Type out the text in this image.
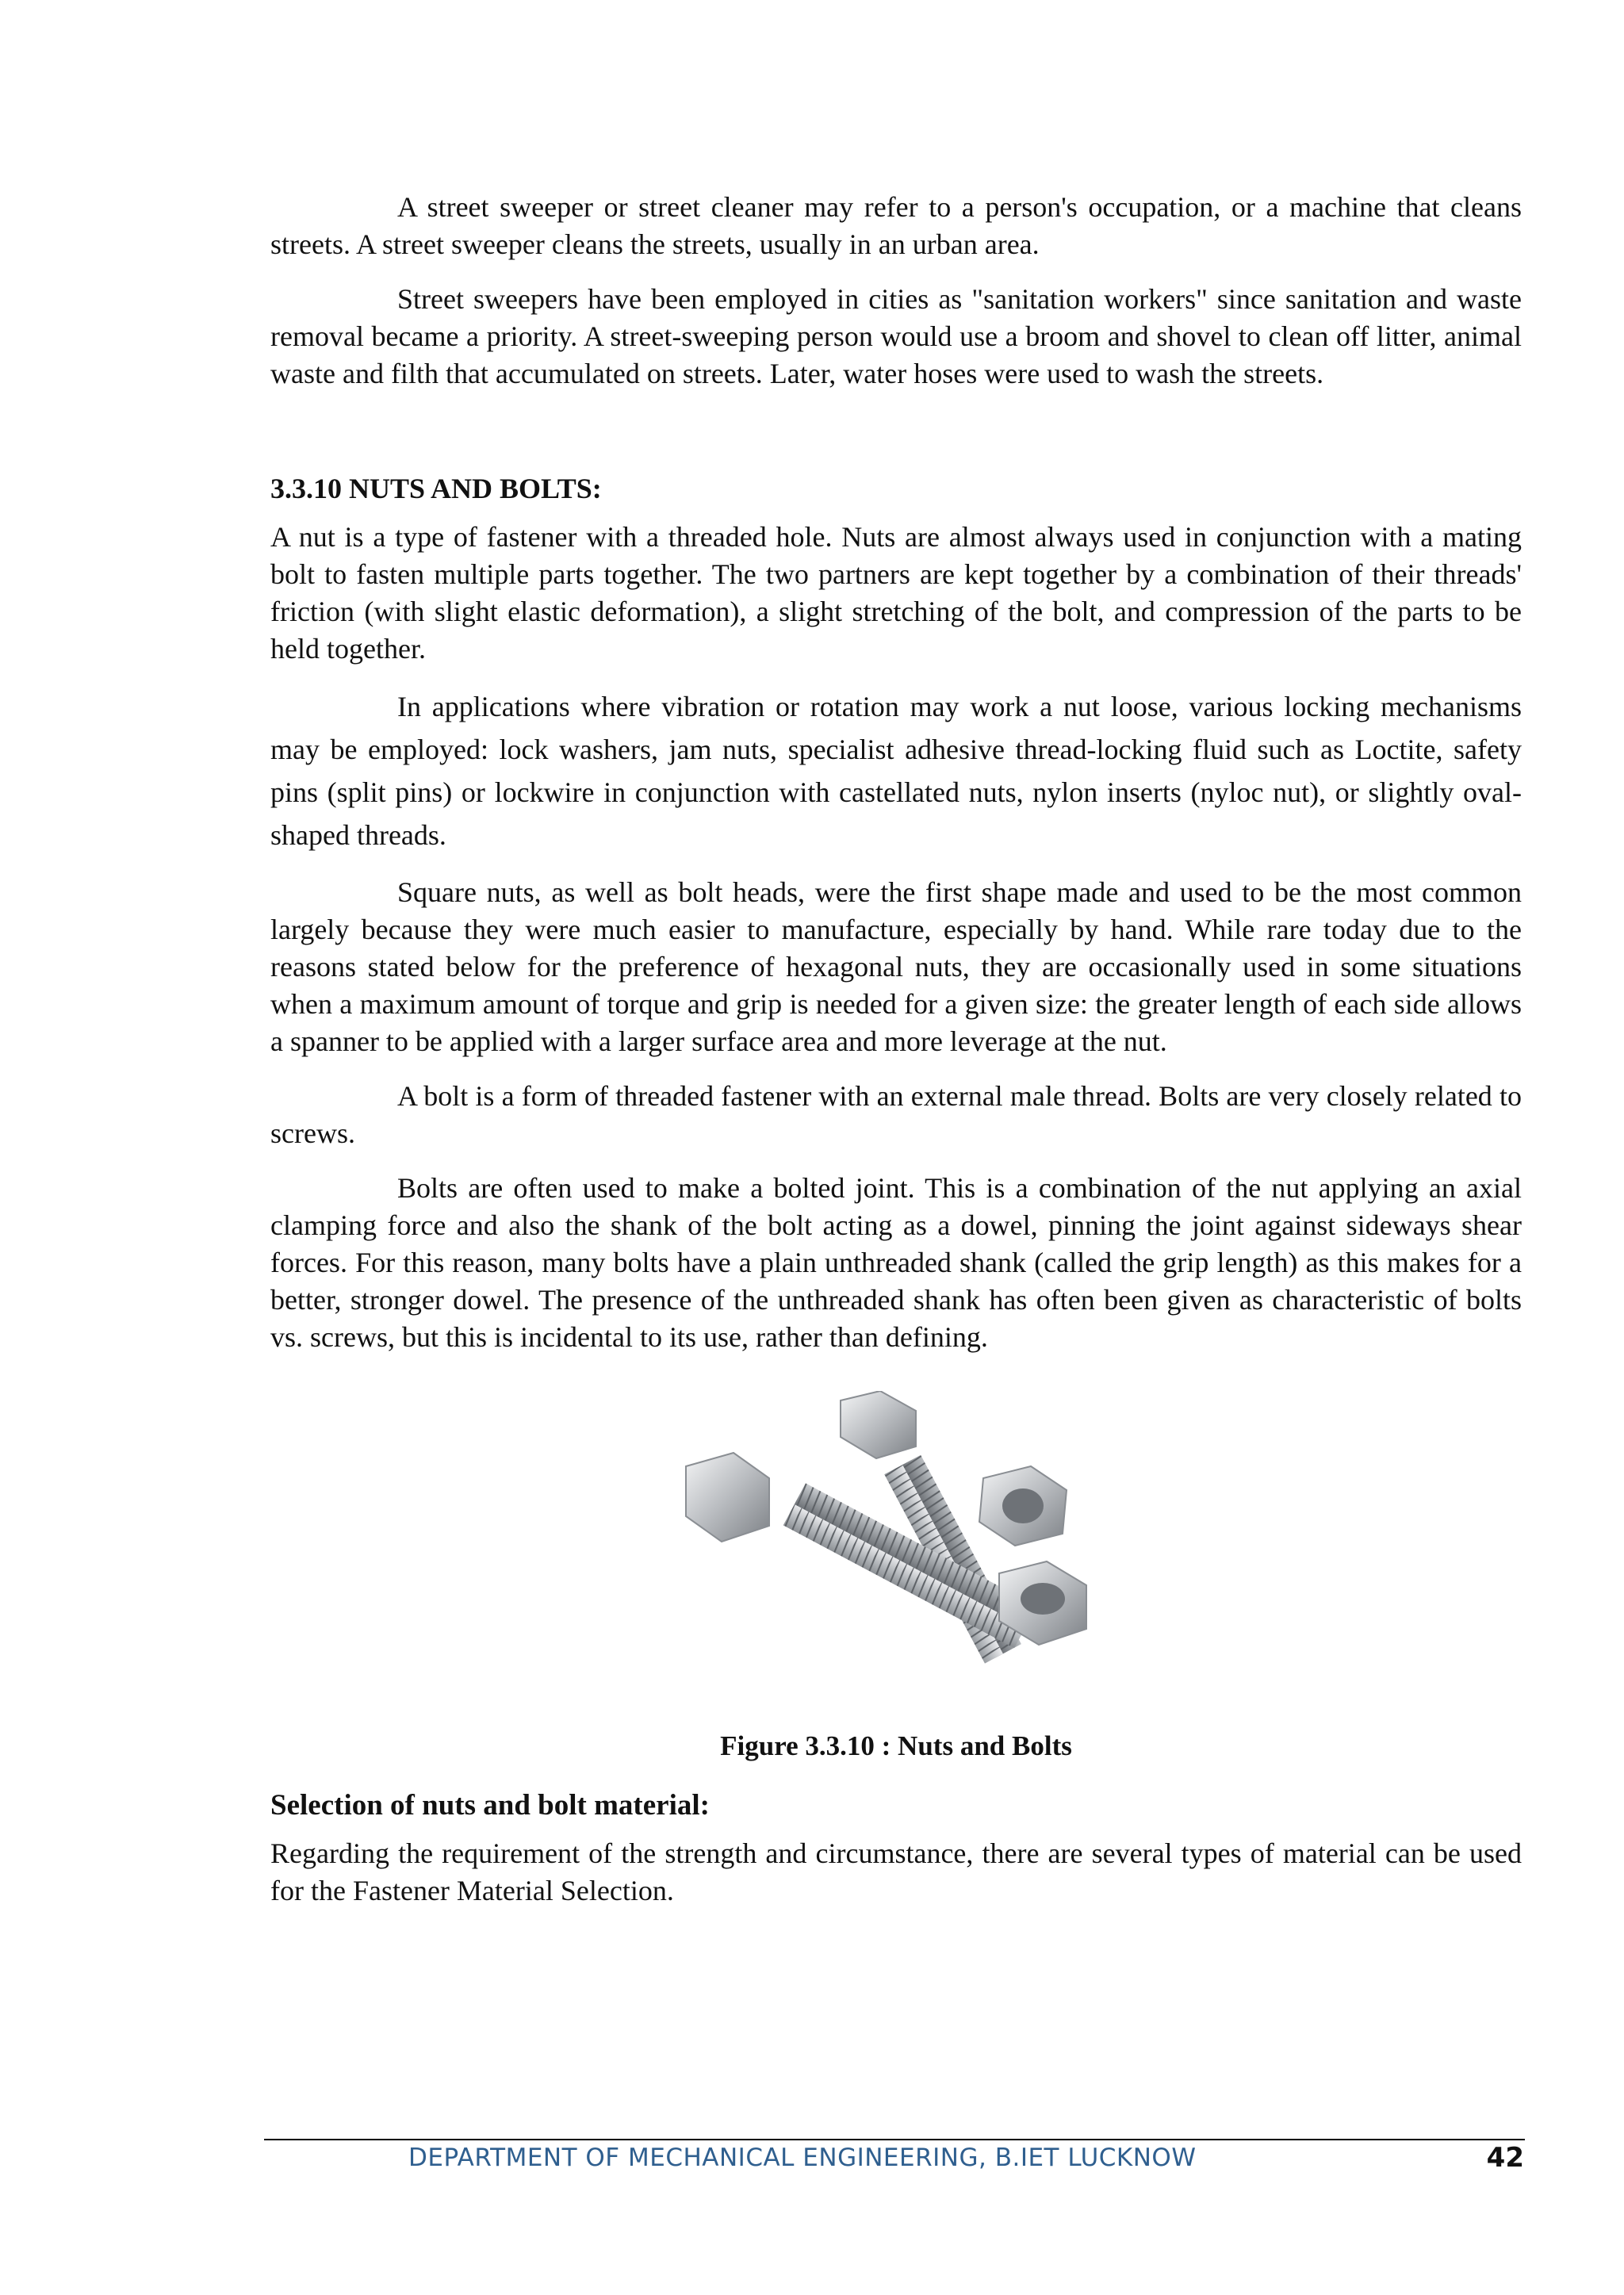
A street sweeper or street cleaner may refer to a person's occupation, or a machine that cleans streets. A street sweeper cleans the streets, usually in an urban area.

Street sweepers have been employed in cities as "sanitation workers" since sanitation and waste removal became a priority. A street-sweeping person would use a broom and shovel to clean off litter, animal waste and filth that accumulated on streets. Later, water hoses were used to wash the streets.

3.3.10 NUTS AND BOLTS:

A nut is a type of fastener with a threaded hole. Nuts are almost always used in conjunction with a mating bolt to fasten multiple parts together. The two partners are kept together by a combination of their threads' friction (with slight elastic deformation), a slight stretching of the bolt, and compression of the parts to be held together.

In applications where vibration or rotation may work a nut loose, various locking mechanisms may be employed: lock washers, jam nuts, specialist adhesive thread-locking fluid such as Loctite, safety pins (split pins) or lockwire in conjunction with castellated nuts, nylon inserts (nyloc nut), or slightly oval-shaped threads.

Square nuts, as well as bolt heads, were the first shape made and used to be the most common largely because they were much easier to manufacture, especially by hand. While rare today due to the reasons stated below for the preference of hexagonal nuts, they are occasionally used in some situations when a maximum amount of torque and grip is needed for a given size: the greater length of each side allows a spanner to be applied with a larger surface area and more leverage at the nut.

A bolt is a form of threaded fastener with an external male thread. Bolts are very closely related to screws.

Bolts are often used to make a bolted joint. This is a combination of the nut applying an axial clamping force and also the shank of the bolt acting as a dowel, pinning the joint against sideways shear forces. For this reason, many bolts have a plain unthreaded shank (called the grip length) as this makes for a better, stronger dowel. The presence of the unthreaded shank has often been given as characteristic of bolts vs. screws, but this is incidental to its use, rather than defining.

Figure 3.3.10 : Nuts and Bolts
Selection of nuts and bolt material:

Regarding the requirement of the strength and circumstance, there are several types of material can be used for the Fastener Material Selection.

DEPARTMENT OF MECHANICAL ENGINEERING, B.IET LUCKNOW	42
